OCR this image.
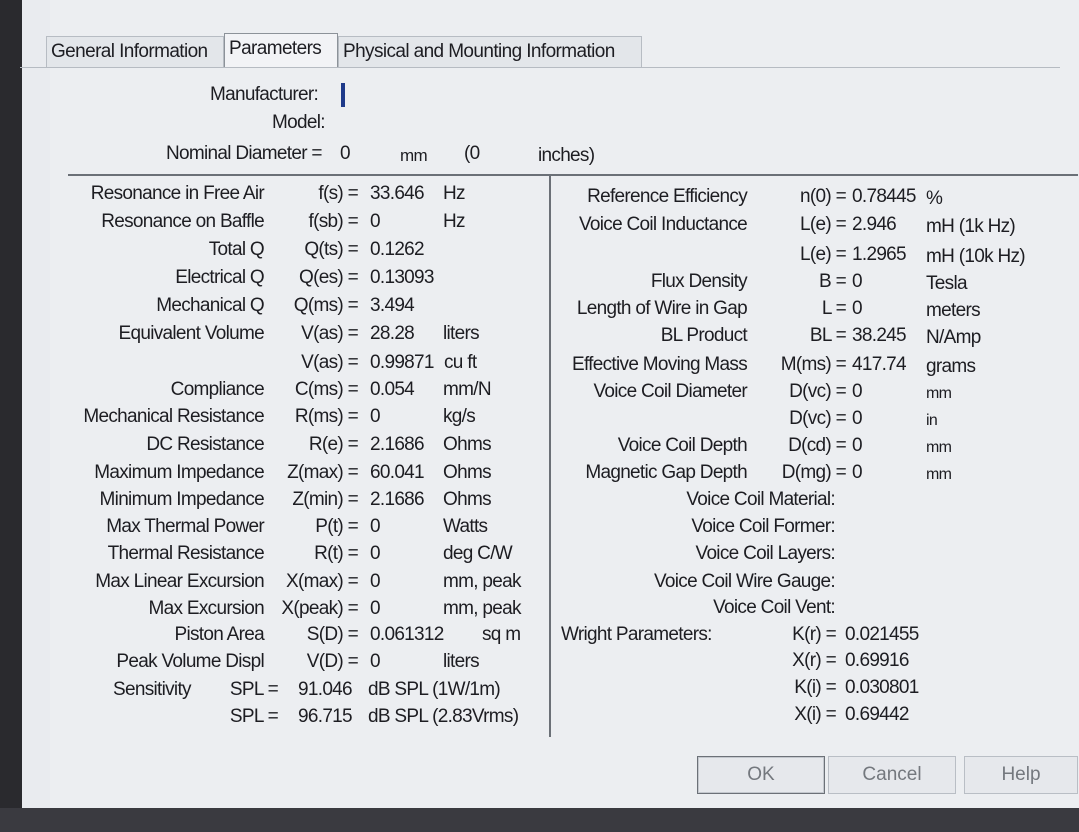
General Information	Parameters	Physical and Mounting Information
Manufacturer:
Model:
Nominal Diameter = 0	mm (0	inches)
Resonance in Free Air	f(s) = 33.646 Hz
Resonance on Baffle f(sb) = 0	Hz
Total Q Q(ts) = 0.1262
Electrical Q Q(es) = 0.13093
Mechanical Q Q(ms) = 3.494
Equivalent Volume V(as) = 28.28 liters
V(as) = 0.99871 cu ft
Compliance C(ms) = 0.054 mm/N
Mechanical Resistance R(ms) = 0	kg/s
DC Resistance R(e) = 2.1686 Ohms
Maximum Impedance Z(max) = 60.041 Ohms
Minimum Impedance Z(min) = 2.1686 Ohms
Max Thermal Power	P(t) = 0	Watts
Thermal Resistance	R(t) = 0	deg C/W
Max Linear Excursion X(max) = 0	mm, peak
Max Excursion X(peak) = 0	mm, peak
Piston Area S(D) = 0.061312 sq m
Peak Volume Displ V(D) = 0	liters
Sensitivity SPL = 91.046 dB SPL (1W/1m)
SPL = 96.715 dB SPL (2.83Vrms)
Reference Efficiency	n(0) = 0.78445 %
Voice Coil Inductance	L(e) = 2.946 mH (1k Hz)
L(e) = 1.2965 mH (10k Hz)
Flux Density	B = 0	Tesla
Length of Wire in Gap	L = 0	meters
BL Product	BL = 38.245 N/Amp
Effective Moving Mass M(ms) = 417.74 grams
Voice Coil Diameter D(vc) = 0	mm
D(vc) = 0	in
Voice Coil Depth D(cd) = 0	mm
Magnetic Gap Depth D(mg) = 0	mm
Voice Coil Material:
Voice Coil Former:
Voice Coil Layers:
Voice Coil Wire Gauge:
Voice Coil Vent:
Wright Parameters:	K(r) = 0.021455
X(r) = 0.69916
K(i) = 0.030801
X(i) = 0.69442
OK	Cancel	Help
